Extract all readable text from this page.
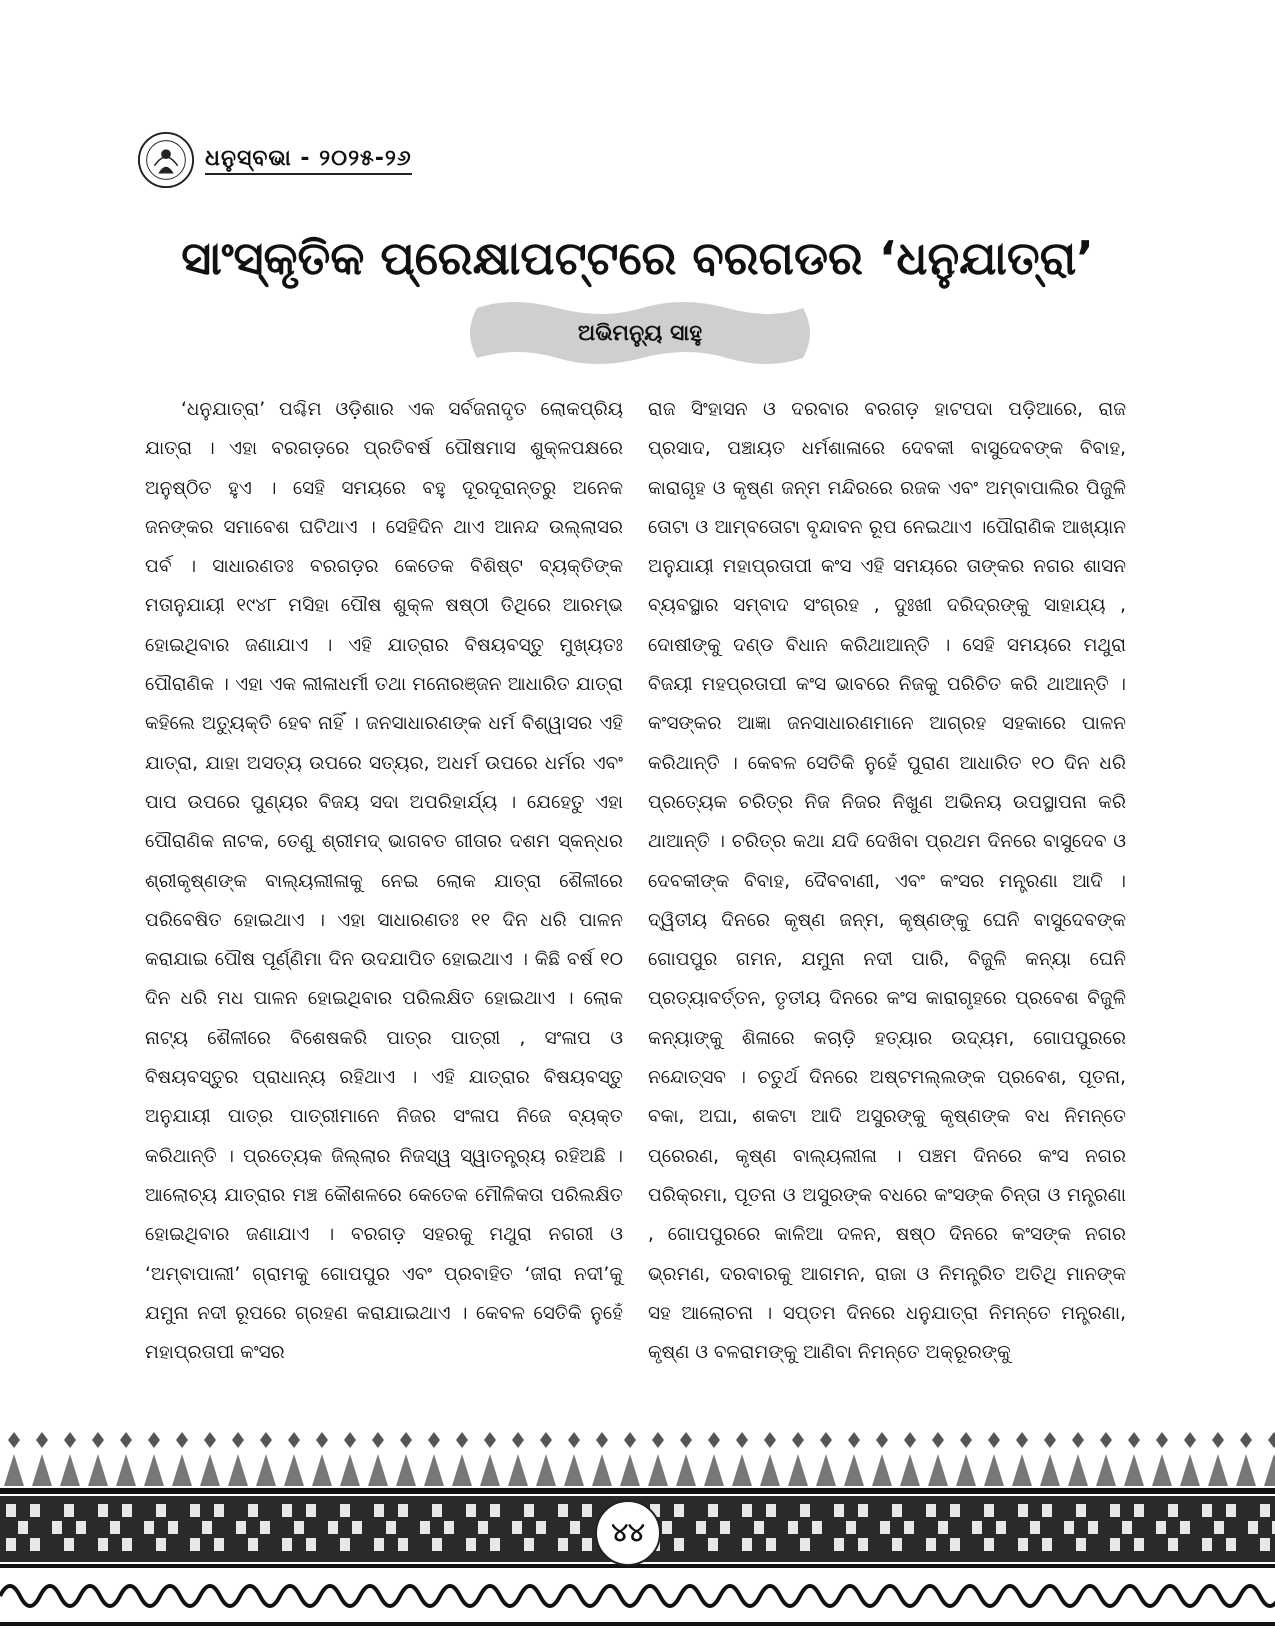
ଧନୁସ୍ବଭା - ୨୦୨୫-୨୬
ସାଂସ୍କୃତିକ ପ୍ରେକ୍ଷାପଟ୍ଟରେ ବରଗଡର ‘ଧନୁଯାତ୍ରା’
ଅଭିମନ୍ୟୁ ସାହୁ

‘ଧନୁଯାତ୍ରା’ ପଶ୍ଚିମ ଓଡ଼ିଶାର ଏକ ସର୍ବଜନାଦୃତ ଲୋକପ୍ରିୟ ଯାତ୍ରା । ଏହା ବରଗଡ଼ରେ ପ୍ରତିବର୍ଷ ପୌଷମାସ ଶୁକ୍ଳପକ୍ଷରେ ଅନୁଷ୍ଠିତ ହୁଏ । ସେହି ସମୟରେ ବହୁ ଦୂରଦୂରାନ୍ତରୁ ଅନେକ ଜନଙ୍କର ସମାବେଶ ଘଟିଥାଏ । ସେହିଦିନ ଥାଏ ଆନନ୍ଦ ଉଲ୍ଲାସର ପର୍ବ । ସାଧାରଣତଃ ବରଗଡ଼ର କେତେକ ବିଶିଷ୍ଟ ବ୍ୟକ୍ତିଙ୍କ ମତାନୁଯାୟୀ ୧୯୪୮ ମସିହା ପୌଷ ଶୁକ୍ଳ ଷଷ୍ଠୀ ତିଥିରେ ଆରମ୍ଭ ହୋଇଥିବାର ଜଣାଯାଏ । ଏହି ଯାତ୍ରାର ବିଷୟବସ୍ତୁ ମୁଖ୍ୟତଃ ପୌରାଣିକ । ଏହା ଏକ ଲୀଳାଧର୍ମୀ ତଥା ମନୋରଞ୍ଜନ ଆଧାରିତ ଯାତ୍ରା କହିଲେ ଅତ୍ୟୁକ୍ତି ହେବ ନାହିଁ । ଜନସାଧାରଣଙ୍କ ଧର୍ମ ବିଶ୍ୱାସର ଏହି ଯାତ୍ରା, ଯାହା ଅସତ୍ୟ ଉପରେ ସତ୍ୟର, ଅଧର୍ମ ଉପରେ ଧର୍ମର ଏବଂ ପାପ ଉପରେ ପୁଣ୍ୟର ବିଜୟ ସଦା ଅପରିହାର୍ଯ୍ୟ । ଯେହେତୁ ଏହା ପୌରାଣିକ ନାଟକ, ତେଣୁ ଶ୍ରୀମଦ୍ ଭାଗବତ ଗୀତାର ଦଶମ ସ୍କନ୍ଧର ଶ୍ରୀକୃଷ୍ଣଙ୍କ ବାଲ୍ୟଲୀଳାକୁ ନେଇ ଲୋକ ଯାତ୍ରା ଶୈଳୀରେ ପରିବେଷିତ ହୋଇଥାଏ । ଏହା ସାଧାରଣତଃ ୧୧ ଦିନ ଧରି ପାଳନ କରାଯାଇ ପୌଷ ପୂର୍ଣ୍ଣିମା ଦିନ ଉଦଯାପିତ ହୋଇଥାଏ । କିଛି ବର୍ଷ ୧୦ ଦିନ ଧରି ମଧ ପାଳନ ହୋଇଥିବାର ପରିଲକ୍ଷିତ ହୋଇଥାଏ । ଲୋକ ନାଟ୍ୟ ଶୈଳୀରେ ବିଶେଷକରି ପାତ୍ର ପାତ୍ରୀ , ସଂଳାପ ଓ ବିଷୟବସ୍ତୁର ପ୍ରାଧାନ୍ୟ ରହିଥାଏ । ଏହି ଯାତ୍ରାର ବିଷୟବସ୍ତୁ ଅନୁଯାୟୀ ପାତ୍ର ପାତ୍ରୀମାନେ ନିଜର ସଂଳାପ ନିଜେ ବ୍ୟକ୍ତ କରିଥାନ୍ତି । ପ୍ରତ୍ୟେକ ଜିଲ୍ଲାର ନିଜସ୍ୱ ସ୍ୱାତନ୍ତ୍ର୍ୟ ରହିଅଛି । ଆଲୋଚ୍ୟ ଯାତ୍ରାର ମଞ୍ଚ କୌଶଳରେ କେତେକ ମୌଳିକତା ପରିଲକ୍ଷିତ ହୋଇଥିବାର ଜଣାଯାଏ । ବରଗଡ଼ ସହରକୁ ମଥୁରା ନଗରୀ ଓ ‘ଅମ୍ବାପାଲୀ’ ଗ୍ରାମକୁ ଗୋପପୁର ଏବଂ ପ୍ରବାହିତ ‘ଜୀରା ନଦୀ’କୁ ଯମୁନା ନଦୀ ରୂପରେ ଗ୍ରହଣ କରାଯାଇଥାଏ । କେବଳ ସେତିକି ନୁହେଁ ମହାପ୍ରତାପୀ କଂସର

ରାଜ ସିଂହାସନ ଓ ଦରବାର ବରଗଡ଼ ହାଟପଦା ପଡ଼ିଆରେ, ରାଜ ପ୍ରସାଦ, ପଞ୍ଚାୟତ ଧର୍ମଶାଳାରେ ଦେବକୀ ବାସୁଦେବଙ୍କ ବିବାହ, କାରାଗୃହ ଓ କୃଷ୍ଣ ଜନ୍ମ ମନ୍ଦିରରେ ରଜକ ଏବଂ ଅମ୍ବାପାଲିର ପିଜୁଳି ତୋଟା ଓ ଆମ୍ବତୋଟା ବୃନ୍ଦାବନ ରୂପ ନେଇଥାଏ ।ପୌରାଣିକ ଆଖ୍ୟାନ ଅନୁଯାୟୀ ମହାପ୍ରତାପୀ କଂସ ଏହି ସମୟରେ ତାଙ୍କର ନଗର ଶାସନ ବ୍ୟବସ୍ଥାର ସମ୍ବାଦ ସଂଗ୍ରହ , ଦୁଃଖୀ ଦରିଦ୍ରଙ୍କୁ ସାହାଯ୍ୟ , ଦୋଷୀଙ୍କୁ ଦଣ୍ଡ ବିଧାନ କରିଥାଆନ୍ତି । ସେହି ସମୟରେ ମଥୁରା ବିଜୟୀ ମହପ୍ରତାପୀ କଂସ ଭାବରେ ନିଜକୁ ପରିଚିତ କରି ଥାଆନ୍ତି । କଂସଙ୍କର ଆଜ୍ଞା ଜନସାଧାରଣମାନେ ଆଗ୍ରହ ସହକାରେ ପାଳନ କରିଥାନ୍ତି । କେବଳ ସେତିକି ନୁହେଁ ପୁରାଣ ଆଧାରିତ ୧୦ ଦିନ ଧରି ପ୍ରତ୍ୟେକ ଚରିତ୍ର ନିଜ ନିଜର ନିଖୁଣ ଅଭିନୟ ଉପସ୍ଥାପନା କରି ଥାଆନ୍ତି । ଚରିତ୍ର କଥା ଯଦି ଦେଖିବା ପ୍ରଥମ ଦିନରେ ବାସୁଦେବ ଓ ଦେବକୀଙ୍କ ବିବାହ, ଦୈବବାଣୀ, ଏବଂ କଂସର ମନ୍ତ୍ରଣା ଆଦି । ଦ୍ୱିତୀୟ ଦିନରେ କୃଷ୍ଣ ଜନ୍ମ, କୃଷ୍ଣଙ୍କୁ ଘେନି ବାସୁଦେବଙ୍କ ଗୋପପୁର ଗମନ, ଯମୁନା ନଦୀ ପାରି, ବିଜୁଳି କନ୍ୟା ଘେନି ପ୍ରତ୍ୟାବର୍ତ୍ତନ, ତୃତୀୟ ଦିନରେ କଂସ କାରାଗୃହରେ ପ୍ରବେଶ ବିଜୁଳି କନ୍ୟାଙ୍କୁ ଶିଳାରେ କଚାଡ଼ି ହତ୍ୟାର ଉଦ୍ୟମ, ଗୋପପୁରରେ ନନ୍ଦୋତ୍ସବ । ଚତୁର୍ଥ ଦିନରେ ଅଷ୍ଟମଲ୍ଲଙ୍କ ପ୍ରବେଶ, ପୂତନା, ବକା, ଅଘା, ଶକଟା ଆଦି ଅସୁରଙ୍କୁ କୃଷ୍ଣଙ୍କ ବଧ ନିମନ୍ତେ ପ୍ରେରଣ, କୃଷ୍ଣ ବାଲ୍ୟଲୀଳା । ପଞ୍ଚମ ଦିନରେ କଂସ ନଗର ପରିକ୍ରମା, ପୂତନା ଓ ଅସୁରଙ୍କ ବଧରେ କଂସଙ୍କ ଚିନ୍ତା ଓ ମନ୍ତ୍ରଣା , ଗୋପପୁରରେ କାଳିଆ ଦଳନ, ଷଷ୍ଠ ଦିନରେ କଂସଙ୍କ ନଗର ଭ୍ରମଣ, ଦରବାରକୁ ଆଗମନ, ରାଜା ଓ ନିମନ୍ତ୍ରିତ ଅତିଥି ମାନଙ୍କ ସହ ଆଲୋଚନା । ସପ୍ତମ ଦିନରେ ଧନୁଯାତ୍ରା ନିମନ୍ତେ ମନ୍ତ୍ରଣା, କୃଷ୍ଣ ଓ ବଳରାମଙ୍କୁ ଆଣିବା ନିମନ୍ତେ ଅକ୍ରୂରଙ୍କୁ

୪୪
